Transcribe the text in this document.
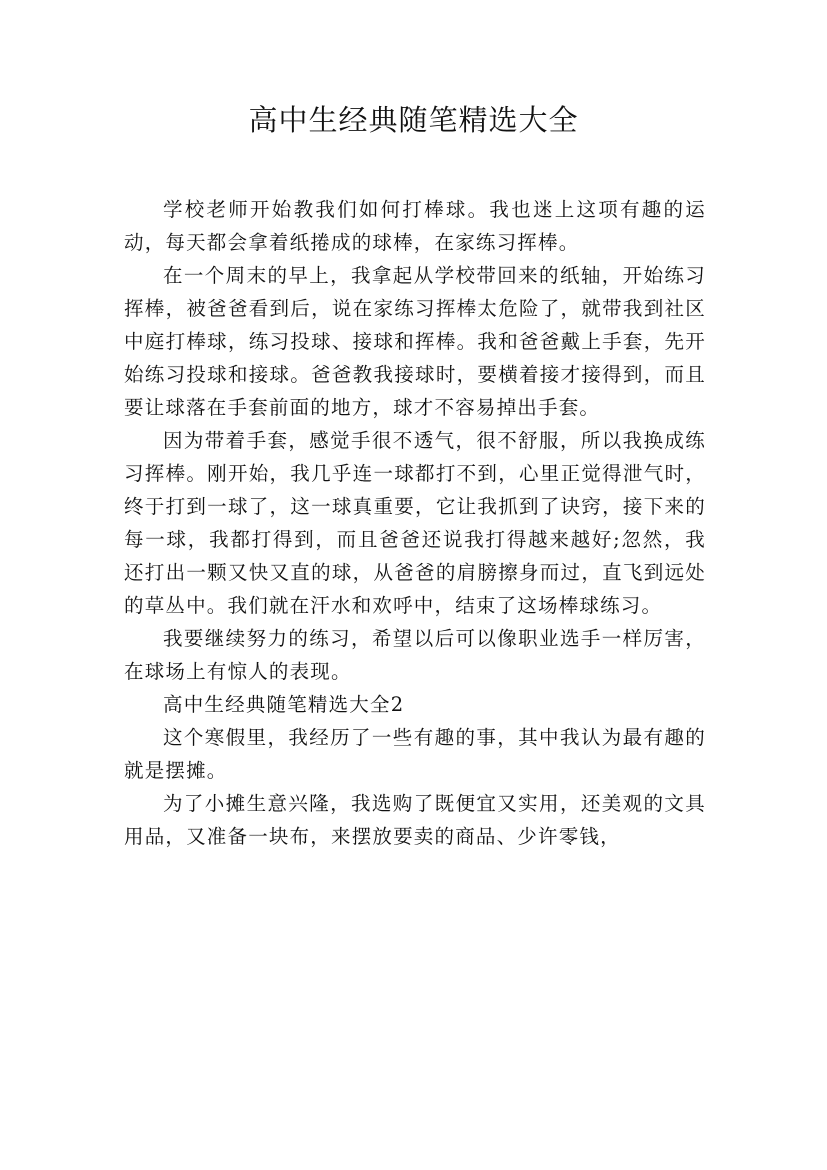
高中生经典随笔精选大全

学校老师开始教我们如何打棒球。我也迷上这项有趣的运动，每天都会拿着纸捲成的球棒，在家练习挥棒。

在一个周末的早上，我拿起从学校带回来的纸轴，开始练习挥棒，被爸爸看到后，说在家练习挥棒太危险了，就带我到社区中庭打棒球，练习投球、接球和挥棒。我和爸爸戴上手套，先开始练习投球和接球。爸爸教我接球时，要横着接才接得到，而且要让球落在手套前面的地方，球才不容易掉出手套。

因为带着手套，感觉手很不透气，很不舒服，所以我换成练习挥棒。刚开始，我几乎连一球都打不到，心里正觉得泄气时，终于打到一球了，这一球真重要，它让我抓到了诀窍，接下来的每一球，我都打得到，而且爸爸还说我打得越来越好;忽然，我还打出一颗又快又直的球，从爸爸的肩膀擦身而过，直飞到远处的草丛中。我们就在汗水和欢呼中，结束了这场棒球练习。

我要继续努力的练习，希望以后可以像职业选手一样厉害，在球场上有惊人的表现。

高中生经典随笔精选大全2

这个寒假里，我经历了一些有趣的事，其中我认为最有趣的就是摆摊。

为了小摊生意兴隆，我选购了既便宜又实用，还美观的文具用品，又准备一块布，来摆放要卖的商品、少许零钱，
